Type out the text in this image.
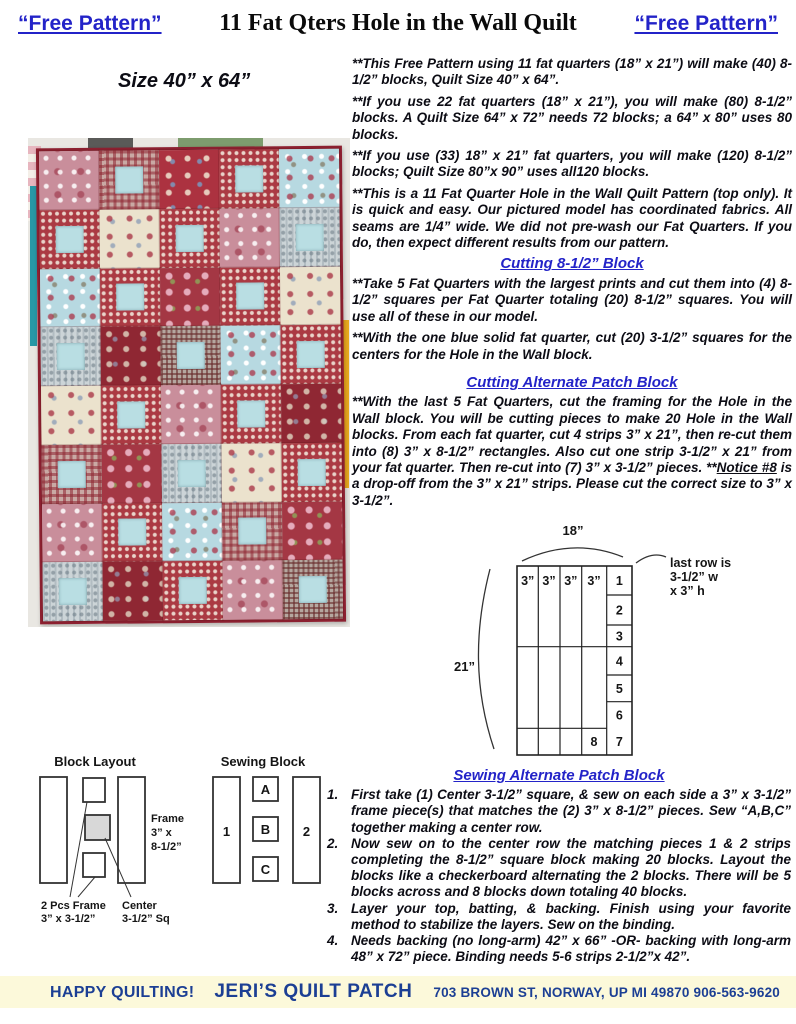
“Free Pattern” 11 Fat Qters Hole in the Wall Quilt	“Free Pattern”
Size 40” x 64”

**This Free Pattern using 11 fat quarters (18” x 21”) will make (40) 8-1/2” blocks, Quilt Size 40” x 64”.

**If you use 22 fat quarters (18” x 21”), you will make (80) 8-1/2” blocks. A Quilt Size 64” x 72” needs 72 blocks; a 64” x 80” uses 80 blocks.

**If you use (33) 18” x 21” fat quarters, you will make (120) 8-1/2” blocks; Quilt Size 80”x 90” uses all120 blocks.

**This is a 11 Fat Quarter Hole in the Wall Quilt Pattern (top only). It is quick and easy. Our pictured model has coordinated fabrics. All seams are 1/4” wide. We did not pre-wash our Fat Quarters. If you do, then expect different results from our pattern.

Cutting 8-1/2” Block

**Take 5 Fat Quarters with the largest prints and cut them into (4) 8-1/2” squares per Fat Quarter totaling (20) 8-1/2” squares. You will use all of these in our model.

**With the one blue solid fat quarter, cut (20) 3-1/2” squares for the centers for the Hole in the Wall block.

Cutting Alternate Patch Block

**With the last 5 Fat Quarters, cut the framing for the Hole in the Wall block. You will be cutting pieces to make 20 Hole in the Wall blocks. From each fat quarter, cut 4 strips 3” x 21”, then re-cut them into (8) 3” x 8-1/2” rectangles. Also cut one strip 3-1/2” x 21” from your fat quarter. Then re-cut into (7) 3” x 3-1/2” pieces. **Notice #8 is a drop-off from the 3” x 21” strips. Please cut the correct size to 3” x 3-1/2”.

18”
21”
3” 3” 3” 3” 1
2
3
4
5
6
7
8
last row is
3-1/2” w
x 3” h
Block Layout
Frame
3” x
8-1/2”
2 Pcs Frame
3” x 3-1/2”
Center
3-1/2” Sq
Sewing Block
1
A
B
C
2
Sewing Alternate Patch Block
1. First take (1) Center 3-1/2” square, & sew on each side a 3” x 3-1/2” frame piece(s) that matches the (2) 3” x 8-1/2” pieces. Sew “A,B,C” together making a center row.
2. Now sew on to the center row the matching pieces 1 & 2 strips completing the 8-1/2” square block making 20 blocks. Layout the blocks like a checkerboard alternating the 2 blocks. There will be 5 blocks across and 8 blocks down totaling 40 blocks.
3. Layer your top, batting, & backing. Finish using your favorite method to stabilize the layers. Sew on the binding.
4. Needs backing (no long-arm) 42” x 66” -OR- backing with long-arm 48” x 72” piece. Binding needs 5-6 strips 2-1/2”x 42”.
HAPPY QUILTING! JERI’S QUILT PATCH 703 BROWN ST, NORWAY, UP MI 49870 906-563-9620
